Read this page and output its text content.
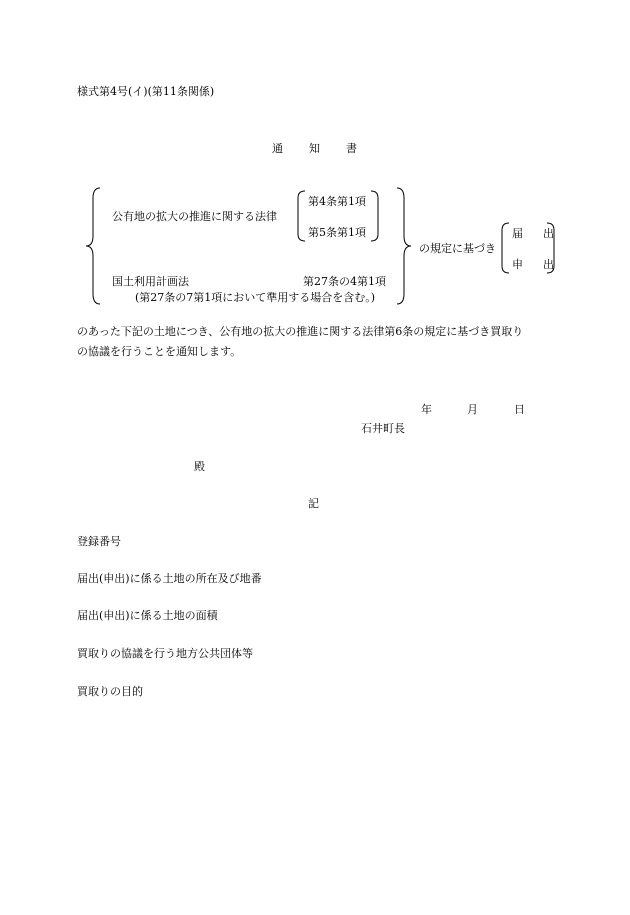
様式第4号(イ)(第11条関係)
通知書
公有地の拡大の推進に関する法律
第4条第1項
第5条第1項
国土利用計画法	第27条の4第1項
(第27条の7第1項において準用する場合を含む。)
の規定に基づき
届出
申出
のあった下記の土地につき、公有地の拡大の推進に関する法律第6条の規定に基づき買取り
の協議を行うことを通知します。
年	月	日
石井町長
殿
記
登録番号
届出(申出)に係る土地の所在及び地番
届出(申出)に係る土地の面積
買取りの協議を行う地方公共団体等
買取りの目的
